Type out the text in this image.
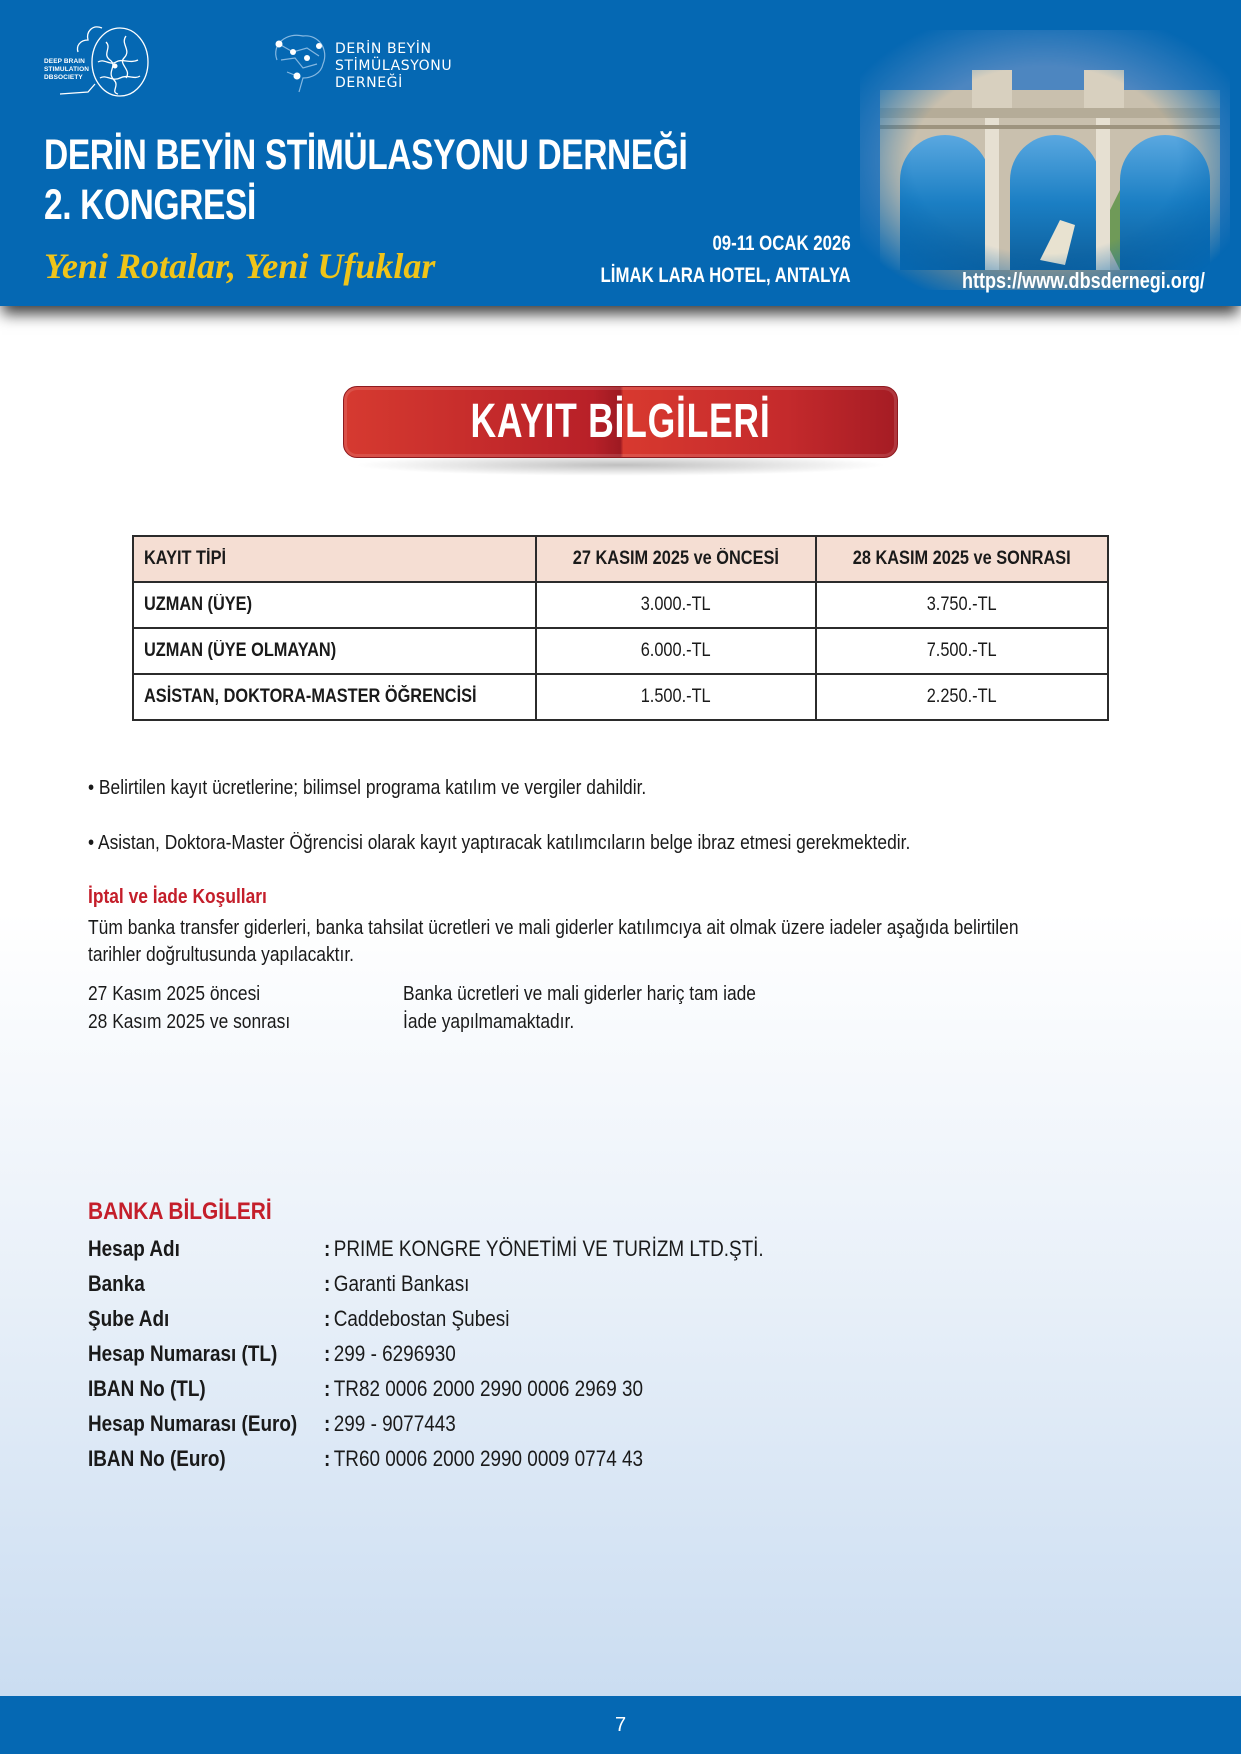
DEEP BRAIN
STIMULATION
DBSOCIETY
DERİN BEYİN
STİMÜLASYONU
DERNEĞİ
DERİN BEYİN STİMÜLASYONU DERNEĞİ
2. KONGRESİ
Yeni Rotalar, Yeni Ufuklar
09-11 OCAK 2026
LİMAK LARA HOTEL, ANTALYA	https://www.dbsdernegi.org/
KAYIT BİLGİLERİ
KAYIT TİPİ	27 KASIM 2025 ve ÖNCESİ	28 KASIM 2025 ve SONRASI
UZMAN (ÜYE)	3.000.-TL	3.750.-TL
UZMAN (ÜYE OLMAYAN)	6.000.-TL	7.500.-TL
ASİSTAN, DOKTORA-MASTER ÖĞRENCİSİ	1.500.-TL	2.250.-TL
• Belirtilen kayıt ücretlerine; bilimsel programa katılım ve vergiler dahildir.
• Asistan, Doktora-Master Öğrencisi olarak kayıt yaptıracak katılımcıların belge ibraz etmesi gerekmektedir.
İptal ve İade Koşulları
Tüm banka transfer giderleri, banka tahsilat ücretleri ve mali giderler katılımcıya ait olmak üzere iadeler aşağıda belirtilen
tarihler doğrultusunda yapılacaktır.
27 Kasım 2025 öncesi	Banka ücretleri ve mali giderler hariç tam iade
28 Kasım 2025 ve sonrası	İade yapılmamaktadır.
BANKA BİLGİLERİ
Hesap Adı	: PRIME KONGRE YÖNETİMİ VE TURİZM LTD.ŞTİ.
Banka	: Garanti Bankası
Şube Adı	: Caddebostan Şubesi
Hesap Numarası (TL) : 299 - 6296930
IBAN No (TL)	: TR82 0006 2000 2990 0006 2969 30
Hesap Numarası (Euro) : 299 - 9077443
IBAN No (Euro)	: TR60 0006 2000 2990 0009 0774 43
7
